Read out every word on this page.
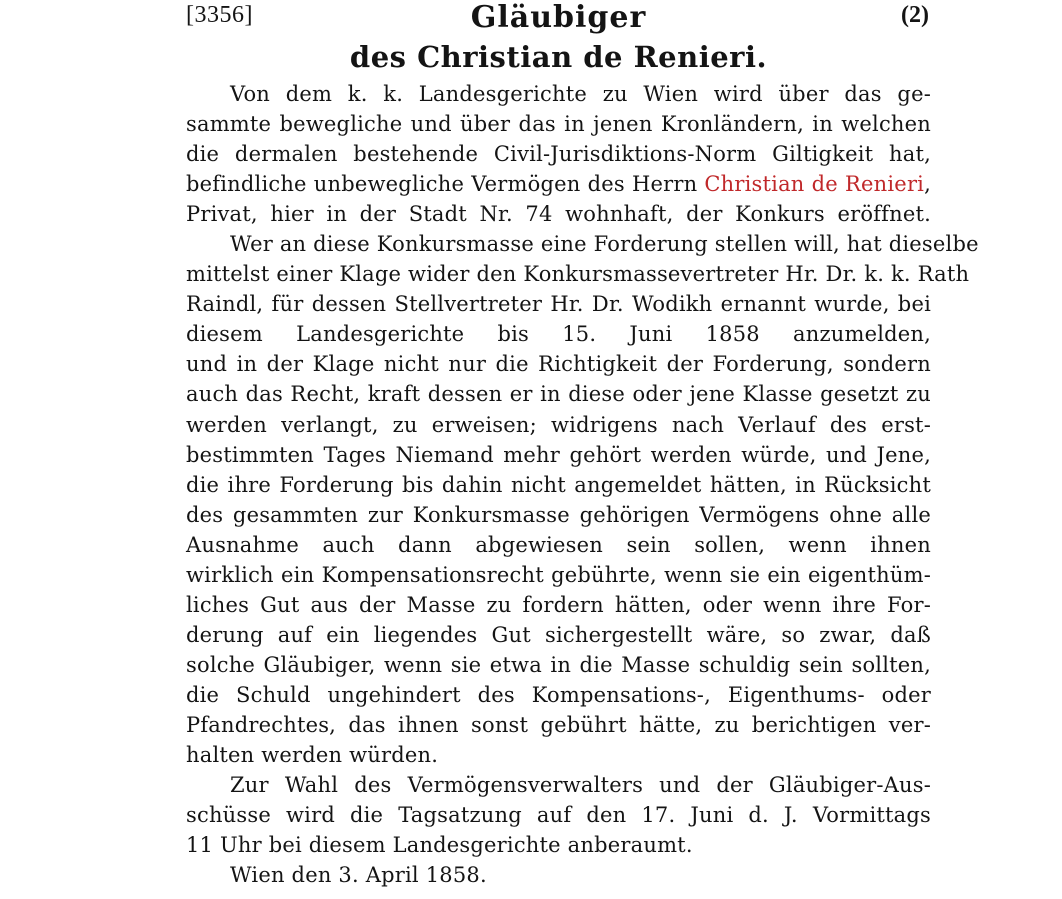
[3356]	Gläubiger	(2)
des Christian de Renieri.
Von dem k. k. Landesgerichte zu Wien wird über das ge-
sammte bewegliche und über das in jenen Kronländern, in welchen
die dermalen bestehende Civil-Jurisdiktions-Norm Giltigkeit hat,
befindliche unbewegliche Vermögen des Herrn Christian de Renieri,
Privat, hier in der Stadt Nr. 74 wohnhaft, der Konkurs eröffnet.
Wer an diese Konkursmasse eine Forderung stellen will, hat dieselbe
mittelst einer Klage wider den Konkursmassevertreter Hr. Dr. k. k. Rath
Raindl, für dessen Stellvertreter Hr. Dr. Wodikh ernannt wurde, bei
diesem Landesgerichte bis 15. Juni 1858 anzumelden,
und in der Klage nicht nur die Richtigkeit der Forderung, sondern
auch das Recht, kraft dessen er in diese oder jene Klasse gesetzt zu
werden verlangt, zu erweisen; widrigens nach Verlauf des erst-
bestimmten Tages Niemand mehr gehört werden würde, und Jene,
die ihre Forderung bis dahin nicht angemeldet hätten, in Rücksicht
des gesammten zur Konkursmasse gehörigen Vermögens ohne alle
Ausnahme auch dann abgewiesen sein sollen, wenn ihnen
wirklich ein Kompensationsrecht gebührte, wenn sie ein eigenthüm-
liches Gut aus der Masse zu fordern hätten, oder wenn ihre For-
derung auf ein liegendes Gut sichergestellt wäre, so zwar, daß
solche Gläubiger, wenn sie etwa in die Masse schuldig sein sollten,
die Schuld ungehindert des Kompensations-, Eigenthums- oder
Pfandrechtes, das ihnen sonst gebührt hätte, zu berichtigen ver-
halten werden würden.
Zur Wahl des Vermögensverwalters und der Gläubiger-Aus-
schüsse wird die Tagsatzung auf den 17. Juni d. J. Vormittags
11 Uhr bei diesem Landesgerichte anberaumt.
Wien den 3. April 1858.
